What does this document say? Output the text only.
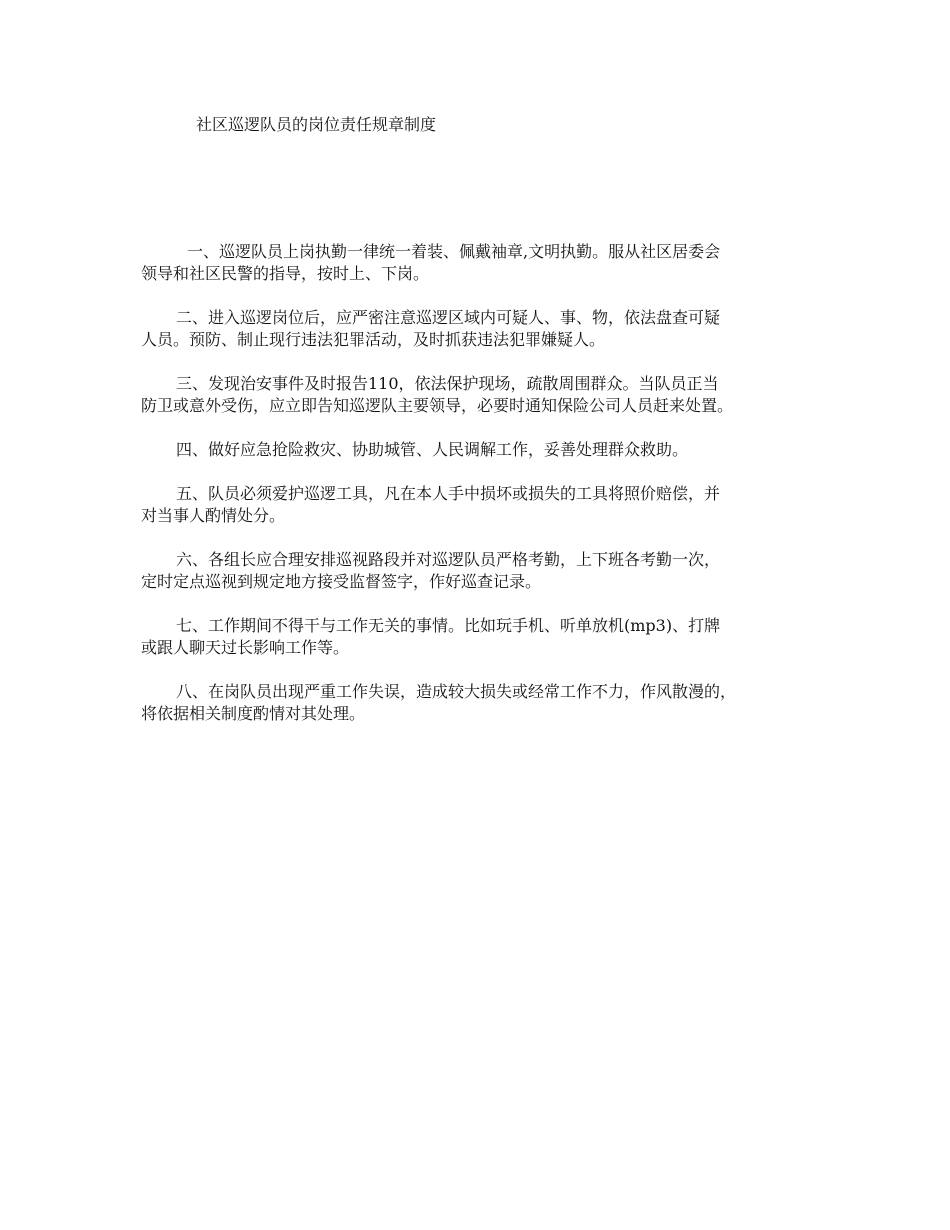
社区巡逻队员的岗位责任规章制度

一、巡逻队员上岗执勤一律统一着装、佩戴袖章,文明执勤。服从社区居委会
领导和社区民警的指导，按时上、下岗。

二、进入巡逻岗位后，应严密注意巡逻区域内可疑人、事、物，依法盘查可疑
人员。预防、制止现行违法犯罪活动，及时抓获违法犯罪嫌疑人。

三、发现治安事件及时报告110，依法保护现场，疏散周围群众。当队员正当
防卫或意外受伤，应立即告知巡逻队主要领导，必要时通知保险公司人员赶来处置。

四、做好应急抢险救灾、协助城管、人民调解工作，妥善处理群众救助。

五、队员必须爱护巡逻工具，凡在本人手中损坏或损失的工具将照价赔偿，并
对当事人酌情处分。

六、各组长应合理安排巡视路段并对巡逻队员严格考勤，上下班各考勤一次，
定时定点巡视到规定地方接受监督签字，作好巡查记录。

七、工作期间不得干与工作无关的事情。比如玩手机、听单放机(mp3)、打牌
或跟人聊天过长影响工作等。

八、在岗队员出现严重工作失误，造成较大损失或经常工作不力，作风散漫的，
将依据相关制度酌情对其处理。
